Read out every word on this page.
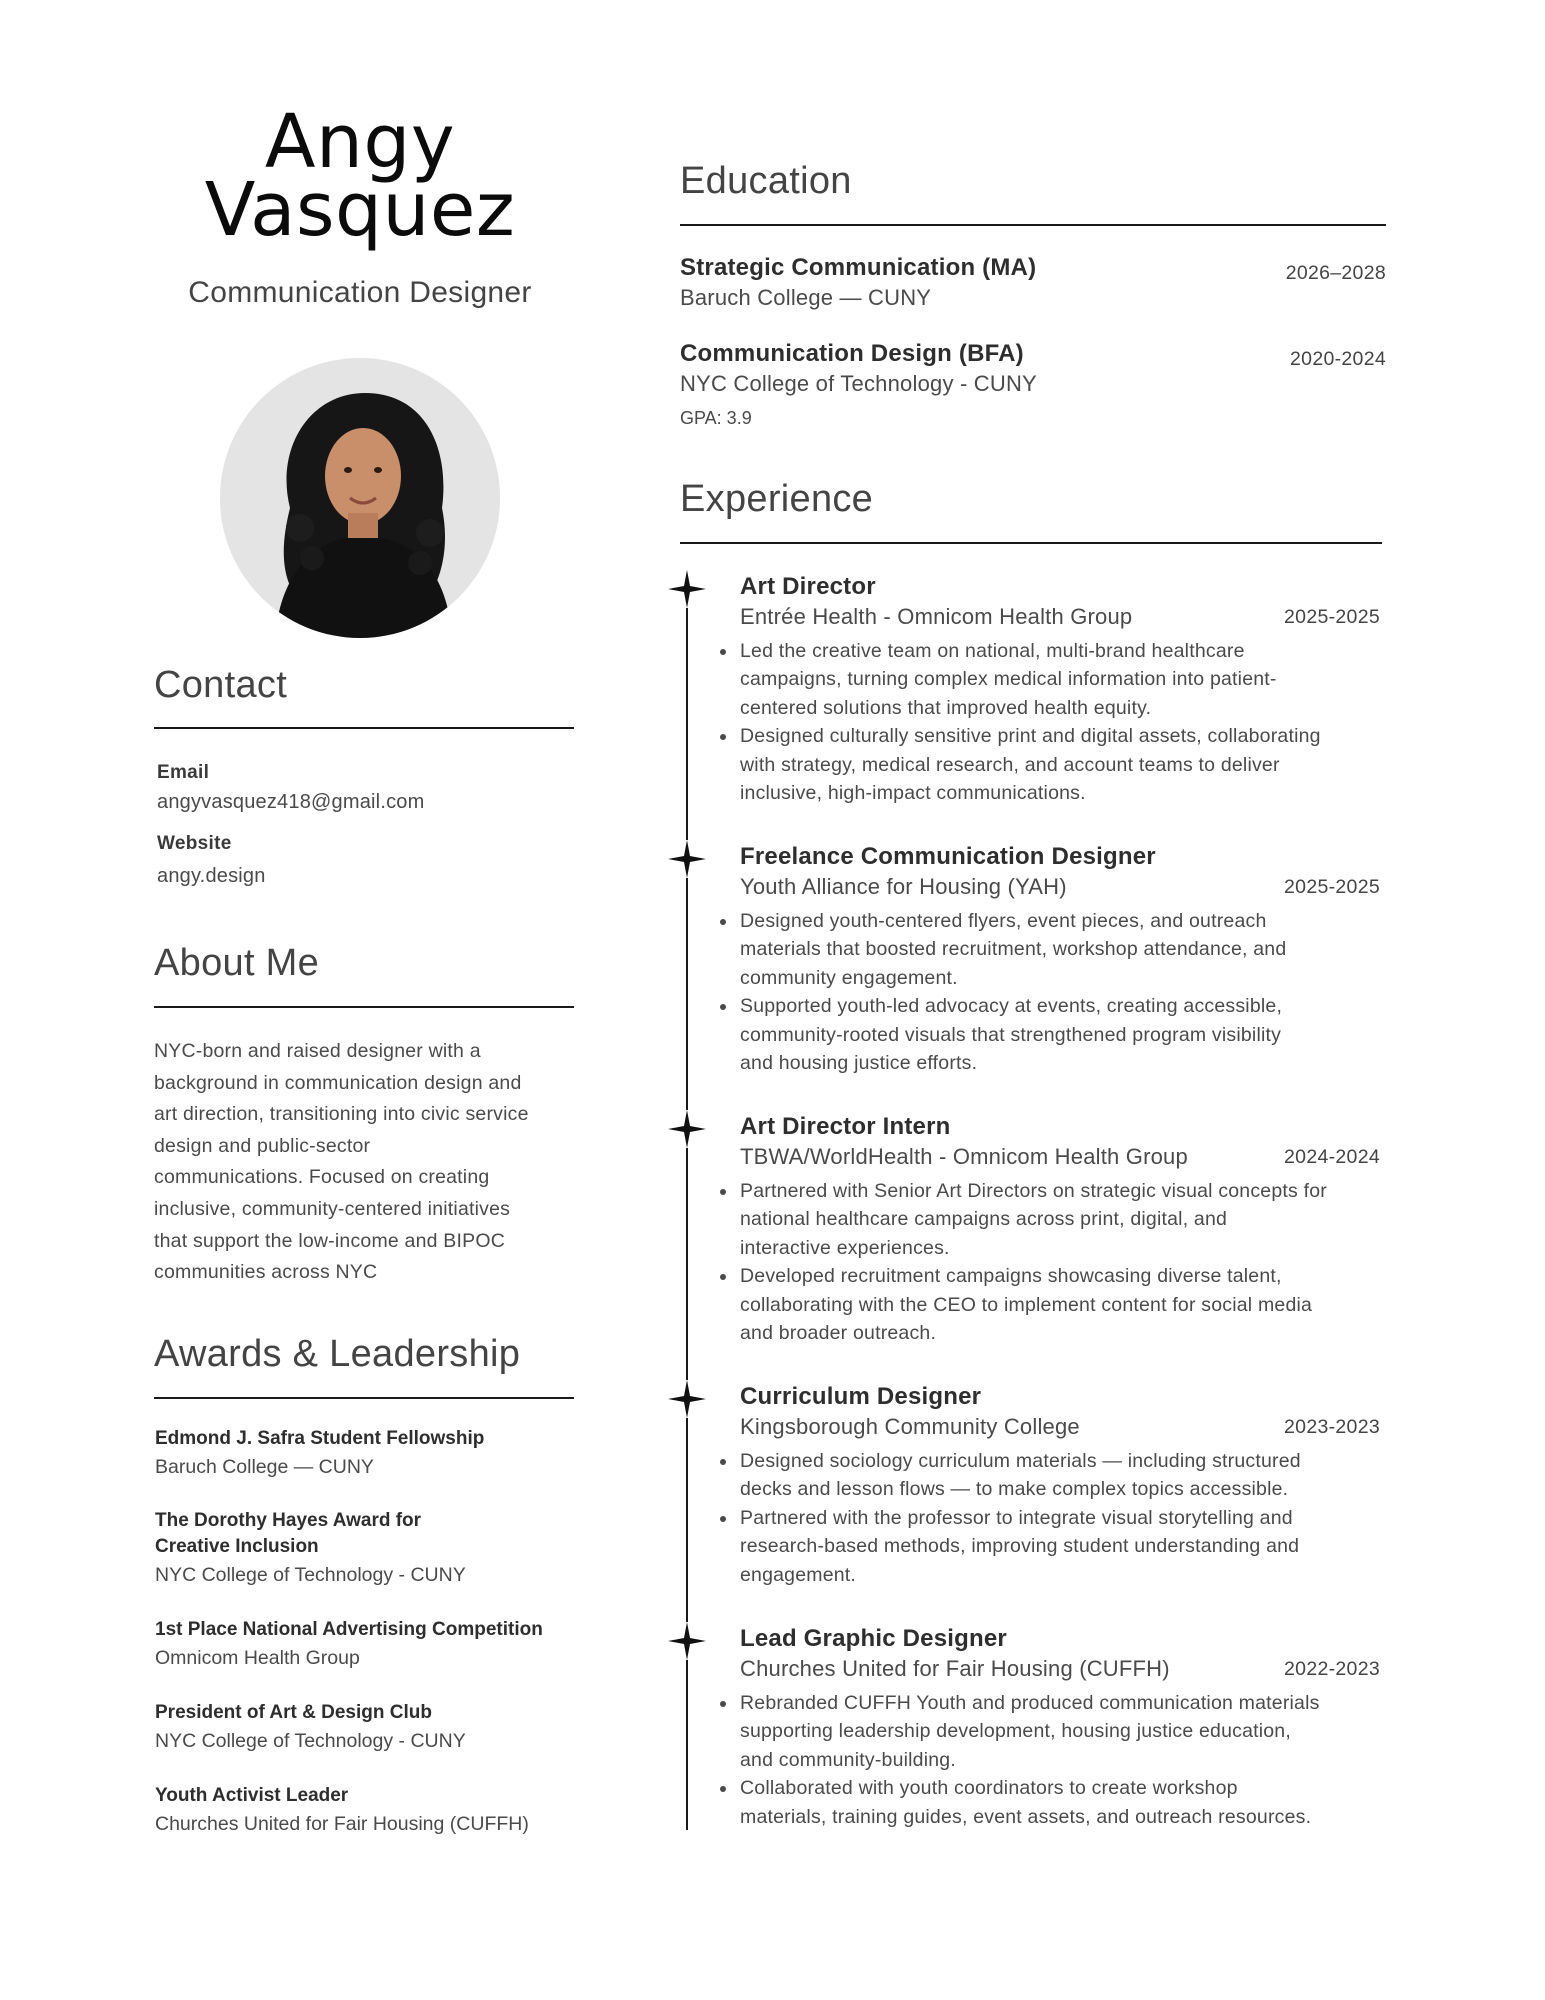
Angy
Vasquez
Communication Designer
Contact
Email
angyvasquez418@gmail.com
Website
angy.design
About Me
NYC-born and raised designer with a
background in communication design and
art direction, transitioning into civic service
design and public-sector
communications. Focused on creating
inclusive, community-centered initiatives
that support the low-income and BIPOC
communities across NYC
Awards & Leadership
Edmond J. Safra Student Fellowship
Baruch College — CUNY
The Dorothy Hayes Award for
Creative Inclusion
NYC College of Technology - CUNY
1st Place National Advertising Competition
Omnicom Health Group
President of Art & Design Club
NYC College of Technology - CUNY
Youth Activist Leader
Churches United for Fair Housing (CUFFH)
Education
Strategic Communication (MA)
Baruch College — CUNY
2026–2028
Communication Design (BFA)
NYC College of Technology - CUNY
2020-2024
GPA: 3.9
Experience
Art Director
Entrée Health - Omnicom Health Group	2025-2025
Led the creative team on national, multi-brand healthcare
campaigns, turning complex medical information into patient-
centered solutions that improved health equity.
Designed culturally sensitive print and digital assets, collaborating
with strategy, medical research, and account teams to deliver
inclusive, high-impact communications.
Freelance Communication Designer
Youth Alliance for Housing (YAH)	2025-2025
Designed youth-centered flyers, event pieces, and outreach
materials that boosted recruitment, workshop attendance, and
community engagement.
Supported youth-led advocacy at events, creating accessible,
community-rooted visuals that strengthened program visibility
and housing justice efforts.
Art Director Intern
TBWA/WorldHealth - Omnicom Health Group	2024-2024
Partnered with Senior Art Directors on strategic visual concepts for
national healthcare campaigns across print, digital, and
interactive experiences.
Developed recruitment campaigns showcasing diverse talent,
collaborating with the CEO to implement content for social media
and broader outreach.
Curriculum Designer
Kingsborough Community College	2023-2023
Designed sociology curriculum materials — including structured
decks and lesson flows — to make complex topics accessible.
Partnered with the professor to integrate visual storytelling and
research-based methods, improving student understanding and
engagement.
Lead Graphic Designer
Churches United for Fair Housing (CUFFH)	2022-2023
Rebranded CUFFH Youth and produced communication materials
supporting leadership development, housing justice education,
and community-building.
Collaborated with youth coordinators to create workshop
materials, training guides, event assets, and outreach resources.
